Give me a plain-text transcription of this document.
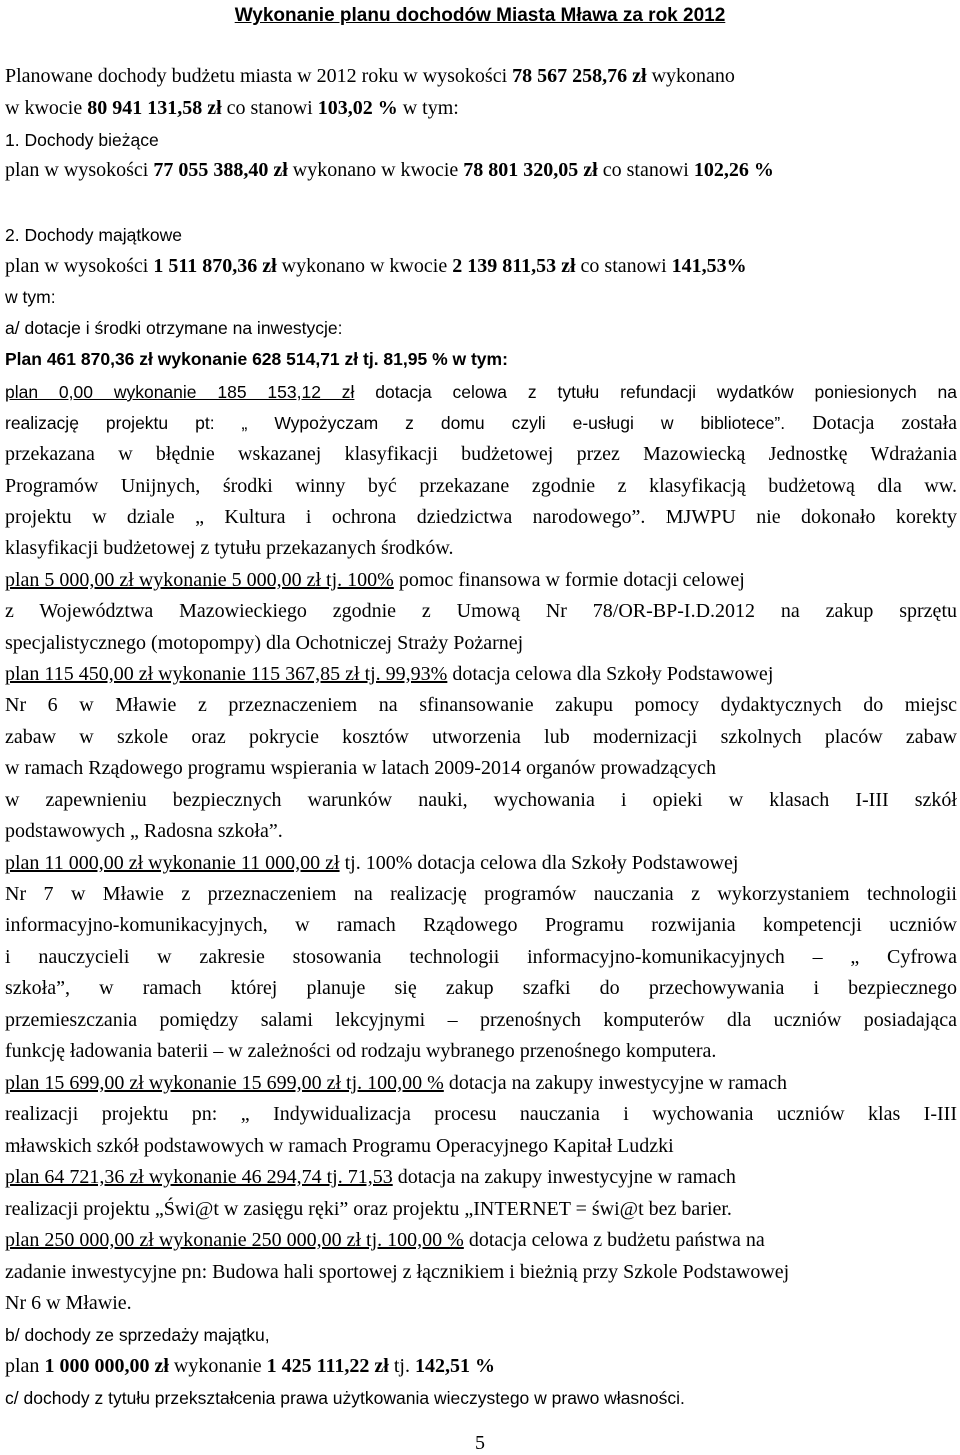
Wykonanie planu dochodów Miasta Mława za rok 2012
Planowane dochody budżetu miasta w 2012 roku w wysokości 78 567 258,76 zł wykonano
w kwocie 80 941 131,58 zł co stanowi 103,02 % w tym:
1. Dochody bieżące
plan w wysokości 77 055 388,40 zł wykonano w kwocie 78 801 320,05 zł co stanowi 102,26 %
2. Dochody majątkowe
plan w wysokości 1 511 870,36 zł wykonano w kwocie 2 139 811,53 zł co stanowi 141,53%
w tym:
a/ dotacje i środki otrzymane na inwestycje:
Plan 461 870,36 zł wykonanie 628 514,71 zł tj. 81,95 % w tym:
plan 0,00 wykonanie 185 153,12 zł dotacja celowa z tytułu refundacji wydatków poniesionych na
realizację projektu pt: „ Wypożyczam z domu czyli e-usługi w bibliotece”. Dotacja została
przekazana w błędnie wskazanej klasyfikacji budżetowej przez Mazowiecką Jednostkę Wdrażania
Programów Unijnych, środki winny być przekazane zgodnie z klasyfikacją budżetową dla ww.
projektu w dziale „ Kultura i ochrona dziedzictwa narodowego”. MJWPU nie dokonało korekty
klasyfikacji budżetowej z tytułu przekazanych środków.
plan 5 000,00 zł wykonanie 5 000,00 zł tj. 100% pomoc finansowa w formie dotacji celowej
z Województwa Mazowieckiego zgodnie z Umową Nr 78/OR-BP-I.D.2012 na zakup sprzętu
specjalistycznego (motopompy) dla Ochotniczej Straży Pożarnej
plan 115 450,00 zł wykonanie 115 367,85 zł tj. 99,93% dotacja celowa dla Szkoły Podstawowej
Nr 6 w Mławie z przeznaczeniem na sfinansowanie zakupu pomocy dydaktycznych do miejsc
zabaw w szkole oraz pokrycie kosztów utworzenia lub modernizacji szkolnych placów zabaw
w ramach Rządowego programu wspierania w latach 2009-2014 organów prowadzących
w zapewnieniu bezpiecznych warunków nauki, wychowania i opieki w klasach I-III szkół
podstawowych „ Radosna szkoła”.
plan 11 000,00 zł wykonanie 11 000,00 zł tj. 100% dotacja celowa dla Szkoły Podstawowej
Nr 7 w Mławie z przeznaczeniem na realizację programów nauczania z wykorzystaniem technologii
informacyjno-komunikacyjnych, w ramach Rządowego Programu rozwijania kompetencji uczniów
i nauczycieli w zakresie stosowania technologii informacyjno-komunikacyjnych – „ Cyfrowa
szkoła”, w ramach której planuje się zakup szafki do przechowywania i bezpiecznego
przemieszczania pomiędzy salami lekcyjnymi – przenośnych komputerów dla uczniów posiadająca
funkcję ładowania baterii – w zależności od rodzaju wybranego przenośnego komputera.
plan 15 699,00 zł wykonanie 15 699,00 zł tj. 100,00 % dotacja na zakupy inwestycyjne w ramach
realizacji projektu pn: „ Indywidualizacja procesu nauczania i wychowania uczniów klas I-III
mławskich szkół podstawowych w ramach Programu Operacyjnego Kapitał Ludzki
plan 64 721,36 zł wykonanie 46 294,74 tj. 71,53 dotacja na zakupy inwestycyjne w ramach
realizacji projektu „Świ@t w zasięgu ręki” oraz projektu „INTERNET = świ@t bez barier.
plan 250 000,00 zł wykonanie 250 000,00 zł tj. 100,00 % dotacja celowa z budżetu państwa na
zadanie inwestycyjne pn: Budowa hali sportowej z łącznikiem i bieżnią przy Szkole Podstawowej
Nr 6 w Mławie.
b/ dochody ze sprzedaży majątku,
plan 1 000 000,00 zł wykonanie 1 425 111,22 zł tj. 142,51 %
c/ dochody z tytułu przekształcenia prawa użytkowania wieczystego w prawo własności.
5
